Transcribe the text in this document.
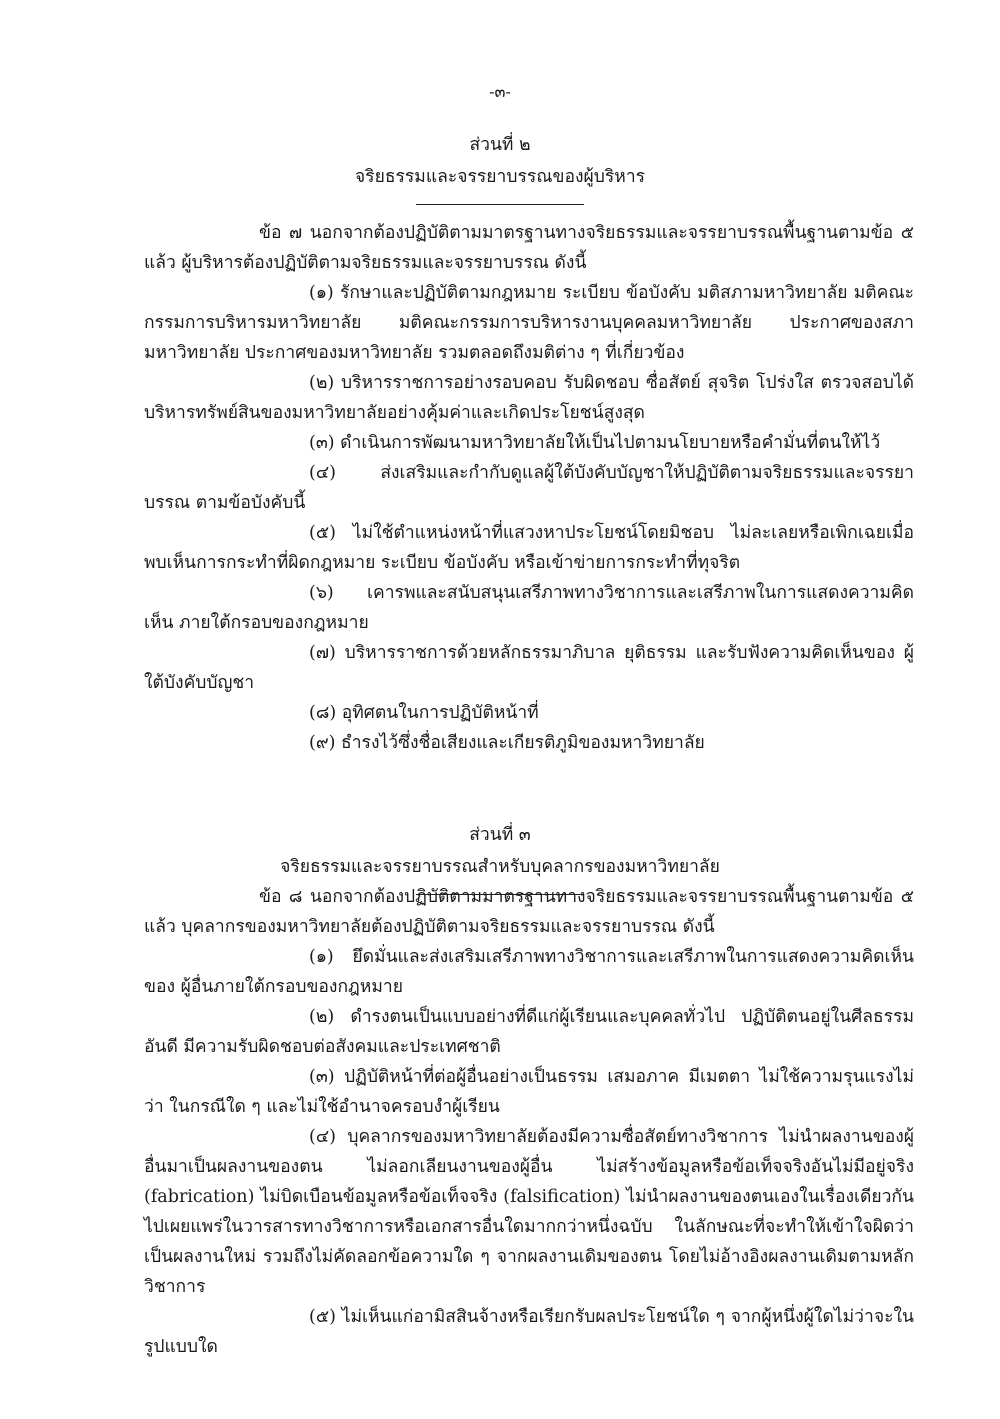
-๓-
ส่วนที่ ๒
จริยธรรมและจรรยาบรรณของผู้บริหาร

ข้อ ๗ นอกจากต้องปฏิบัติตามมาตรฐานทางจริยธรรมและจรรยาบรรณพื้นฐานตามข้อ ๕ แล้ว ผู้บริหารต้องปฏิบัติตามจริยธรรมและจรรยาบรรณ ดังนี้

(๑) รักษาและปฏิบัติตามกฎหมาย ระเบียบ ข้อบังคับ มติสภามหาวิทยาลัย มติคณะกรรมการบริหารมหาวิทยาลัย มติคณะกรรมการบริหารงานบุคคลมหาวิทยาลัย ประกาศของสภามหาวิทยาลัย ประกาศของมหาวิทยาลัย รวมตลอดถึงมติต่าง ๆ ที่เกี่ยวข้อง

(๒) บริหารราชการอย่างรอบคอบ รับผิดชอบ ซื่อสัตย์ สุจริต โปร่งใส ตรวจสอบได้ บริหารทรัพย์สินของมหาวิทยาลัยอย่างคุ้มค่าและเกิดประโยชน์สูงสุด

(๓) ดำเนินการพัฒนามหาวิทยาลัยให้เป็นไปตามนโยบายหรือคำมั่นที่ตนให้ไว้

(๔) ส่งเสริมและกำกับดูแลผู้ใต้บังคับบัญชาให้ปฏิบัติตามจริยธรรมและจรรยาบรรณ ตามข้อบังคับนี้

(๕) ไม่ใช้ตำแหน่งหน้าที่แสวงหาประโยชน์โดยมิชอบ ไม่ละเลยหรือเพิกเฉยเมื่อพบเห็นการกระทำที่ผิดกฎหมาย ระเบียบ ข้อบังคับ หรือเข้าข่ายการกระทำที่ทุจริต

(๖) เคารพและสนับสนุนเสรีภาพทางวิชาการและเสรีภาพในการแสดงความคิดเห็น ภายใต้กรอบของกฎหมาย

(๗) บริหารราชการด้วยหลักธรรมาภิบาล ยุติธรรม และรับฟังความคิดเห็นของ ผู้ใต้บังคับบัญชา

(๘) อุทิศตนในการปฏิบัติหน้าที่

(๙) ธำรงไว้ซึ่งชื่อเสียงและเกียรติภูมิของมหาวิทยาลัย

ส่วนที่ ๓
จริยธรรมและจรรยาบรรณสำหรับบุคลากรของมหาวิทยาลัย

ข้อ ๘ นอกจากต้องปฏิบัติตามมาตรฐานทางจริยธรรมและจรรยาบรรณพื้นฐานตามข้อ ๕ แล้ว บุคลากรของมหาวิทยาลัยต้องปฏิบัติตามจริยธรรมและจรรยาบรรณ ดังนี้

(๑) ยึดมั่นและส่งเสริมเสรีภาพทางวิชาการและเสรีภาพในการแสดงความคิดเห็นของ ผู้อื่นภายใต้กรอบของกฎหมาย

(๒) ดำรงตนเป็นแบบอย่างที่ดีแก่ผู้เรียนและบุคคลทั่วไป ปฏิบัติตนอยู่ในศีลธรรมอันดี มีความรับผิดชอบต่อสังคมและประเทศชาติ

(๓) ปฏิบัติหน้าที่ต่อผู้อื่นอย่างเป็นธรรม เสมอภาค มีเมตตา ไม่ใช้ความรุนแรงไม่ว่า ในกรณีใด ๆ และไม่ใช้อำนาจครอบงำผู้เรียน

(๔) บุคลากรของมหาวิทยาลัยต้องมีความซื่อสัตย์ทางวิชาการ ไม่นำผลงานของผู้อื่นมาเป็นผลงานของตน ไม่ลอกเลียนงานของผู้อื่น ไม่สร้างข้อมูลหรือข้อเท็จจริงอันไม่มีอยู่จริง (fabrication) ไม่บิดเบือนข้อมูลหรือข้อเท็จจริง (falsification) ไม่นำผลงานของตนเองในเรื่องเดียวกันไปเผยแพร่ในวารสารทางวิชาการหรือเอกสารอื่นใดมากกว่าหนึ่งฉบับ ในลักษณะที่จะทำให้เข้าใจผิดว่าเป็นผลงานใหม่ รวมถึงไม่คัดลอกข้อความใด ๆ จากผลงานเดิมของตน โดยไม่อ้างอิงผลงานเดิมตามหลักวิชาการ

(๕) ไม่เห็นแก่อามิสสินจ้างหรือเรียกรับผลประโยชน์ใด ๆ จากผู้หนึ่งผู้ใดไม่ว่าจะในรูปแบบใด
